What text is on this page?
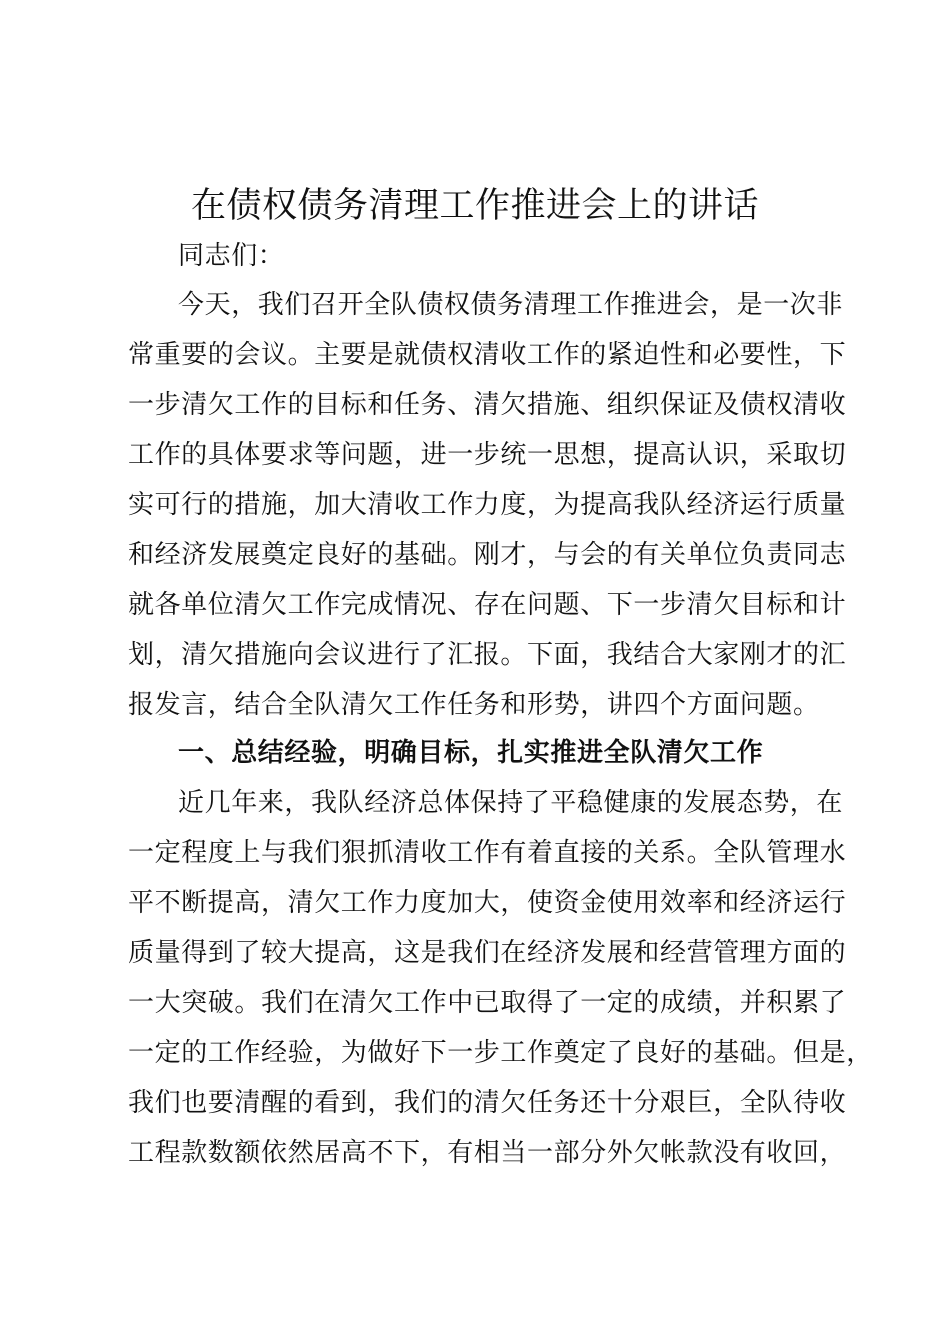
在债权债务清理工作推进会上的讲话

同志们：

今天，我们召开全队债权债务清理工作推进会，是一次非

常重要的会议。主要是就债权清收工作的紧迫性和必要性，下

一步清欠工作的目标和任务、清欠措施、组织保证及债权清收

工作的具体要求等问题，进一步统一思想，提高认识，采取切

实可行的措施，加大清收工作力度，为提高我队经济运行质量

和经济发展奠定良好的基础。刚才，与会的有关单位负责同志

就各单位清欠工作完成情况、存在问题、下一步清欠目标和计

划，清欠措施向会议进行了汇报。下面，我结合大家刚才的汇

报发言，结合全队清欠工作任务和形势，讲四个方面问题。

一、总结经验，明确目标，扎实推进全队清欠工作

近几年来，我队经济总体保持了平稳健康的发展态势，在

一定程度上与我们狠抓清收工作有着直接的关系。全队管理水

平不断提高，清欠工作力度加大，使资金使用效率和经济运行

质量得到了较大提高，这是我们在经济发展和经营管理方面的

一大突破。我们在清欠工作中已取得了一定的成绩，并积累了

一定的工作经验，为做好下一步工作奠定了良好的基础。但是，

我们也要清醒的看到，我们的清欠任务还十分艰巨，全队待收

工程款数额依然居高不下，有相当一部分外欠帐款没有收回，
